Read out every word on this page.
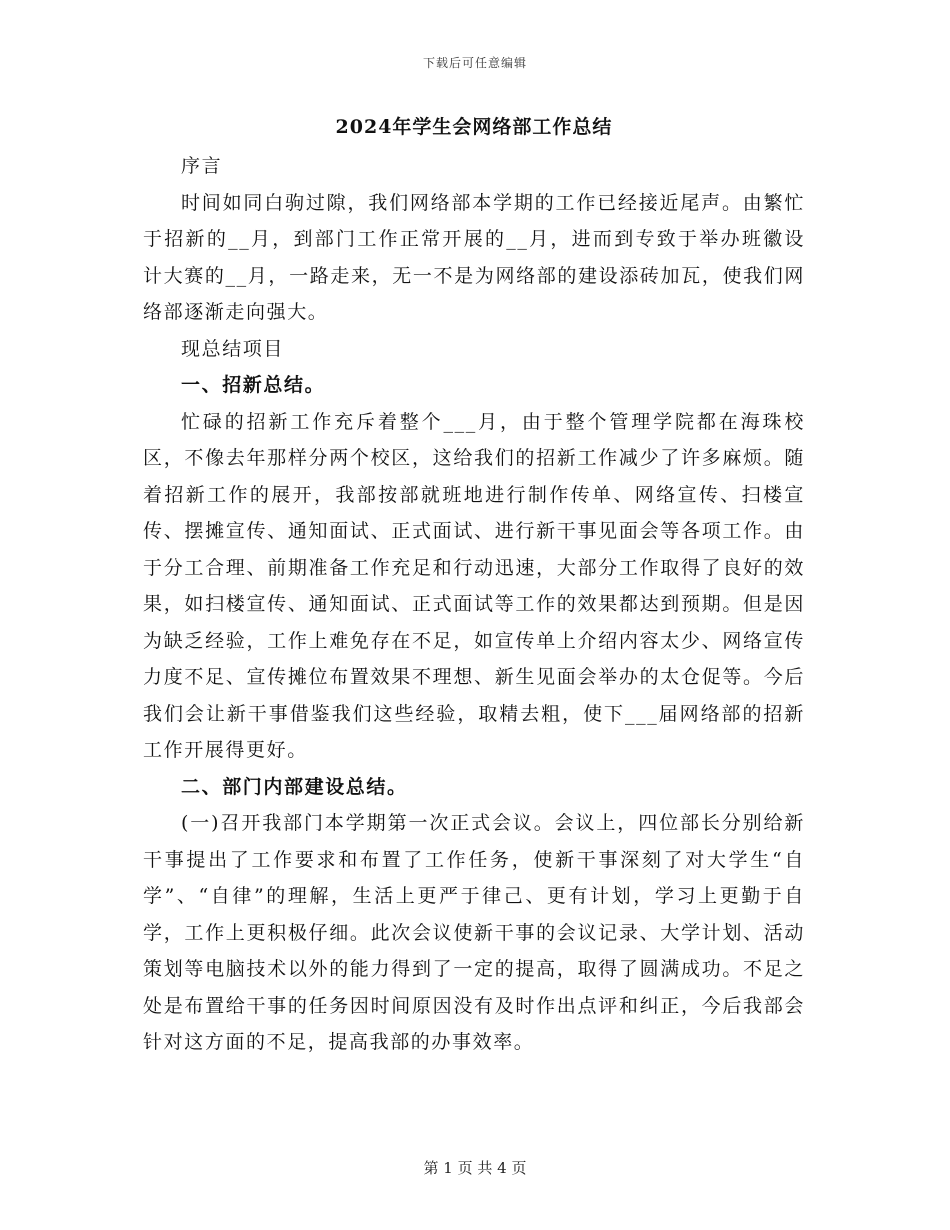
下载后可任意编辑
2024年学生会网络部工作总结

序言

时间如同白驹过隙，我们网络部本学期的工作已经接近尾声。由繁忙于招新的__月，到部门工作正常开展的__月，进而到专致于举办班徽设计大赛的__月，一路走来，无一不是为网络部的建设添砖加瓦，使我们网络部逐渐走向强大。

现总结项目

一、招新总结。

忙碌的招新工作充斥着整个___月，由于整个管理学院都在海珠校区，不像去年那样分两个校区，这给我们的招新工作减少了许多麻烦。随着招新工作的展开，我部按部就班地进行制作传单、网络宣传、扫楼宣传、摆摊宣传、通知面试、正式面试、进行新干事见面会等各项工作。由于分工合理、前期准备工作充足和行动迅速，大部分工作取得了良好的效果，如扫楼宣传、通知面试、正式面试等工作的效果都达到预期。但是因为缺乏经验，工作上难免存在不足，如宣传单上介绍内容太少、网络宣传力度不足、宣传摊位布置效果不理想、新生见面会举办的太仓促等。今后我们会让新干事借鉴我们这些经验，取精去粗，使下___届网络部的招新工作开展得更好。

二、部门内部建设总结。

(一)召开我部门本学期第一次正式会议。会议上，四位部长分别给新干事提出了工作要求和布置了工作任务，使新干事深刻了对大学生“自学”、“自律”的理解，生活上更严于律己、更有计划，学习上更勤于自学，工作上更积极仔细。此次会议使新干事的会议记录、大学计划、活动策划等电脑技术以外的能力得到了一定的提高，取得了圆满成功。不足之处是布置给干事的任务因时间原因没有及时作出点评和纠正，今后我部会针对这方面的不足，提高我部的办事效率。

第 1 页 共 4 页
